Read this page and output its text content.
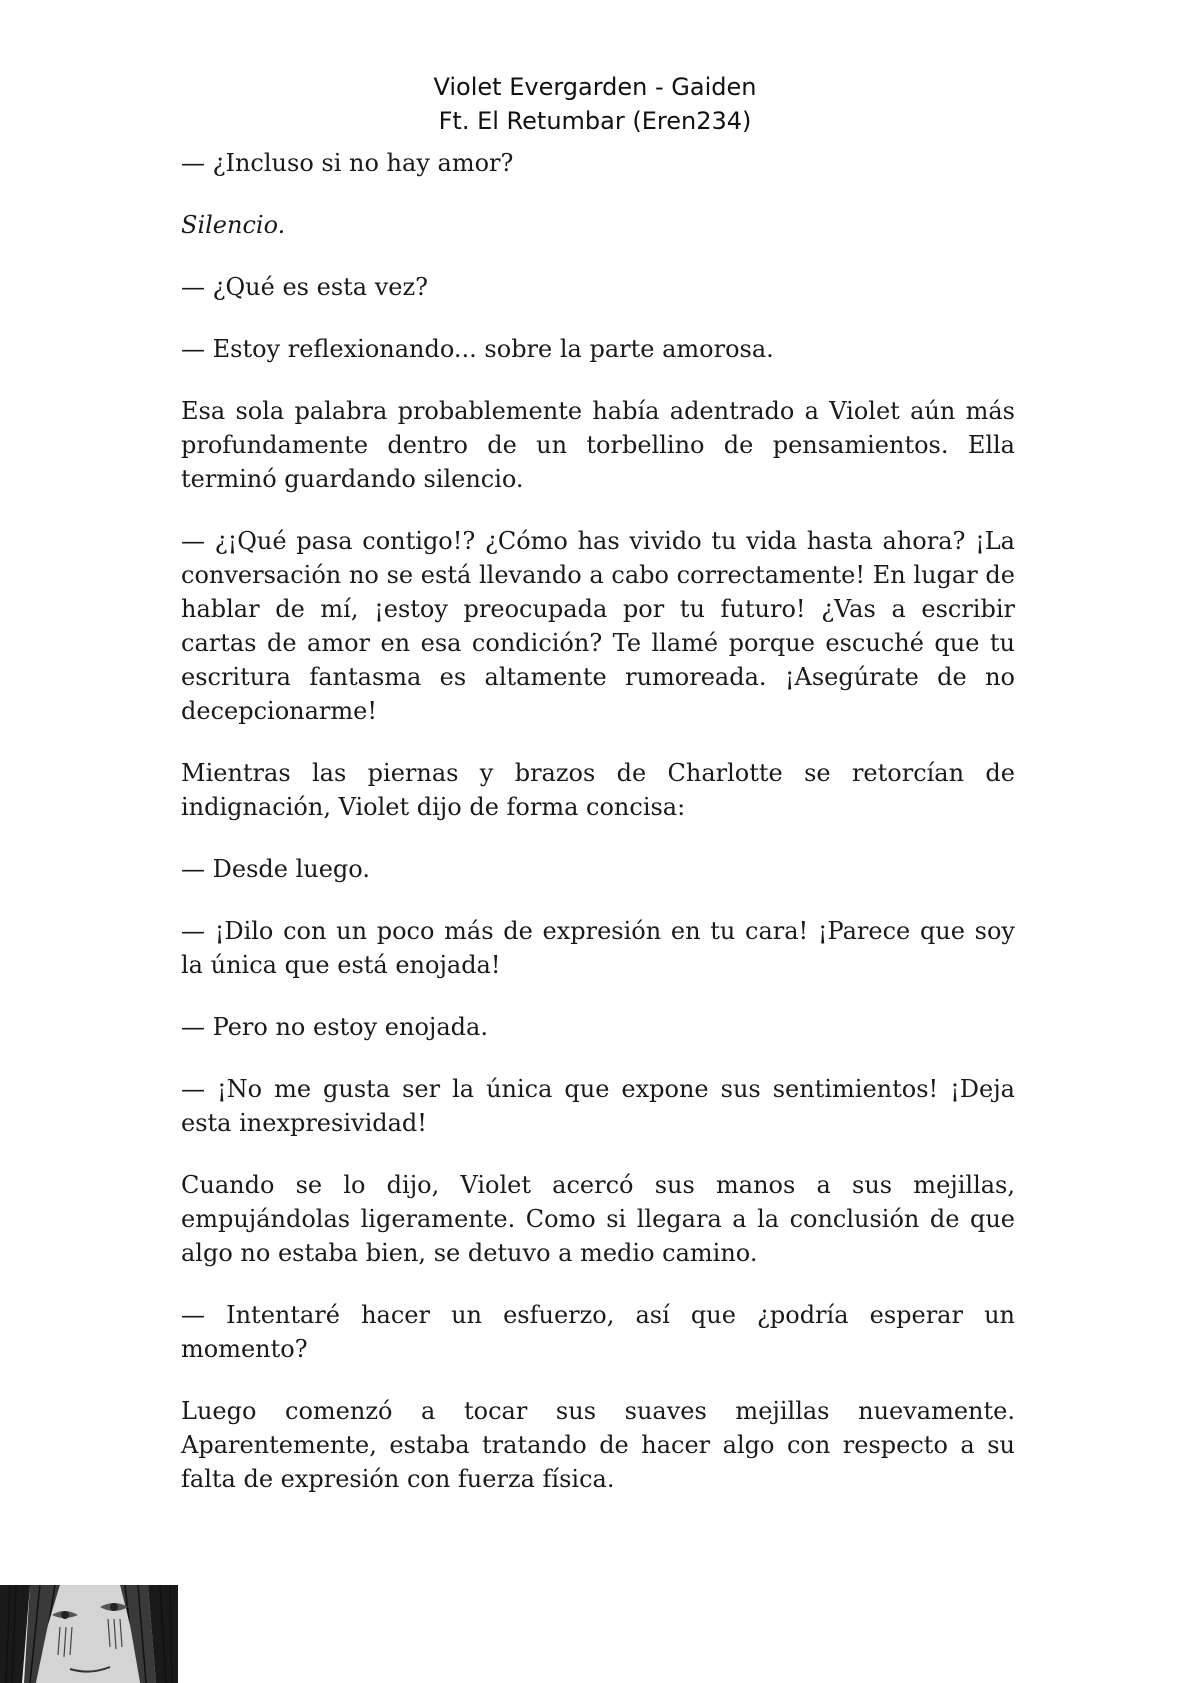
Violet Evergarden - Gaiden
Ft. El Retumbar (Eren234)

— ¿Incluso si no hay amor?

Silencio.

— ¿Qué es esta vez?

— Estoy reflexionando... sobre la parte amorosa.

Esa sola palabra probablemente había adentrado a Violet aún más profundamente dentro de un torbellino de pensamientos. Ella terminó guardando silencio.

— ¿¡Qué pasa contigo!? ¿Cómo has vivido tu vida hasta ahora? ¡La conversación no se está llevando a cabo correctamente! En lugar de hablar de mí, ¡estoy preocupada por tu futuro! ¿Vas a escribir cartas de amor en esa condición? Te llamé porque escuché que tu escritura fantasma es altamente rumoreada. ¡Asegúrate de no decepcionarme!

Mientras las piernas y brazos de Charlotte se retorcían de indignación, Violet dijo de forma concisa:

— Desde luego.

— ¡Dilo con un poco más de expresión en tu cara! ¡Parece que soy la única que está enojada!

— Pero no estoy enojada.

— ¡No me gusta ser la única que expone sus sentimientos! ¡Deja esta inexpresividad!

Cuando se lo dijo, Violet acercó sus manos a sus mejillas, empujándolas ligeramente. Como si llegara a la conclusión de que algo no estaba bien, se detuvo a medio camino.

— Intentaré hacer un esfuerzo, así que ¿podría esperar un momento?

Luego comenzó a tocar sus suaves mejillas nuevamente. Aparentemente, estaba tratando de hacer algo con respecto a su falta de expresión con fuerza física.
